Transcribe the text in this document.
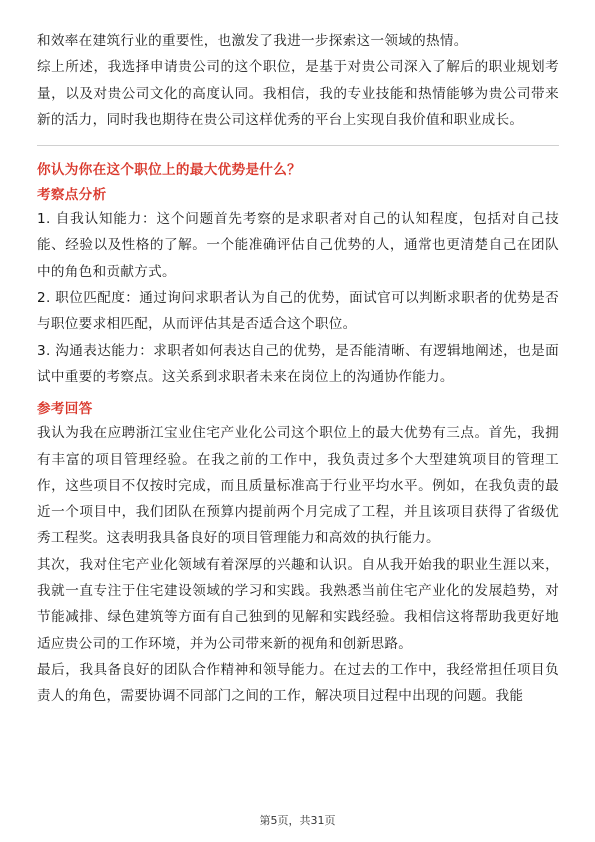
和效率在建筑行业的重要性，也激发了我进一步探索这一领域的热情。

综上所述，我选择申请贵公司的这个职位，是基于对贵公司深入了解后的职业规划考量，以及对贵公司文化的高度认同。我相信，我的专业技能和热情能够为贵公司带来新的活力，同时我也期待在贵公司这样优秀的平台上实现自我价值和职业成长。

你认为你在这个职位上的最大优势是什么？
考察点分析

1. 自我认知能力：这个问题首先考察的是求职者对自己的认知程度，包括对自己技能、经验以及性格的了解。一个能准确评估自己优势的人，通常也更清楚自己在团队中的角色和贡献方式。

2. 职位匹配度：通过询问求职者认为自己的优势，面试官可以判断求职者的优势是否与职位要求相匹配，从而评估其是否适合这个职位。

3. 沟通表达能力：求职者如何表达自己的优势，是否能清晰、有逻辑地阐述，也是面试中重要的考察点。这关系到求职者未来在岗位上的沟通协作能力。

参考回答

我认为我在应聘浙江宝业住宅产业化公司这个职位上的最大优势有三点。首先，我拥有丰富的项目管理经验。在我之前的工作中，我负责过多个大型建筑项目的管理工作，这些项目不仅按时完成，而且质量标准高于行业平均水平。例如，在我负责的最近一个项目中，我们团队在预算内提前两个月完成了工程，并且该项目获得了省级优秀工程奖。这表明我具备良好的项目管理能力和高效的执行能力。

其次，我对住宅产业化领域有着深厚的兴趣和认识。自从我开始我的职业生涯以来，我就一直专注于住宅建设领域的学习和实践。我熟悉当前住宅产业化的发展趋势，对节能减排、绿色建筑等方面有自己独到的见解和实践经验。我相信这将帮助我更好地适应贵公司的工作环境，并为公司带来新的视角和创新思路。

最后，我具备良好的团队合作精神和领导能力。在过去的工作中，我经常担任项目负责人的角色，需要协调不同部门之间的工作，解决项目过程中出现的问题。我能

第5页，共31页
